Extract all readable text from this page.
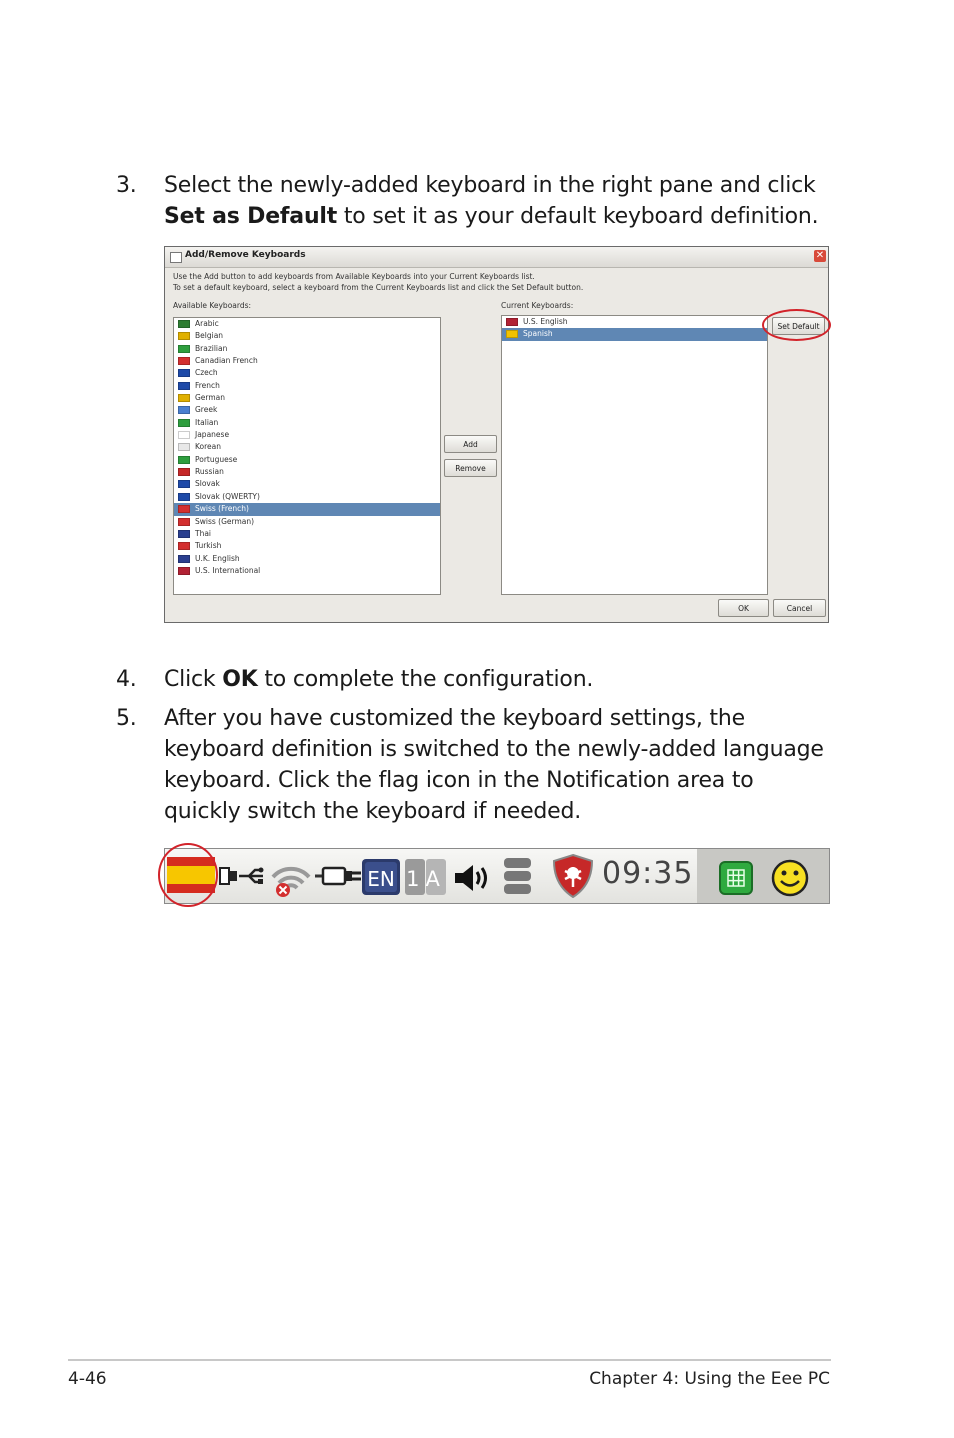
3. Select the newly-added keyboard in the right pane and click Set as Default to set it as your default keyboard definition.
Add/Remove Keyboards	✕
Use the Add button to add keyboards from Available Keyboards into your Current Keyboards list.
To set a default keyboard, select a keyboard from the Current Keyboards list and click the Set Default button.
Available Keyboards:	Current Keyboards:
Arabic
Belgian
Brazilian
Canadian French
Czech
French
German
Greek
Italian
Japanese
Korean
Portuguese
Russian
Slovak
Slovak (QWERTY)
Swiss (French)
Swiss (German)
Thai
Turkish
U.K. English
U.S. International
U.S. English
Spanish
Add
Remove
Set Default
OK	Cancel
4. Click OK to complete the configuration.
5. After you have customized the keyboard settings, the keyboard definition is switched to the newly-added language keyboard. Click the flag icon in the Notification area to quickly switch the keyboard if needed.
EN 1A	09:35
4-46	Chapter 4: Using the Eee PC
